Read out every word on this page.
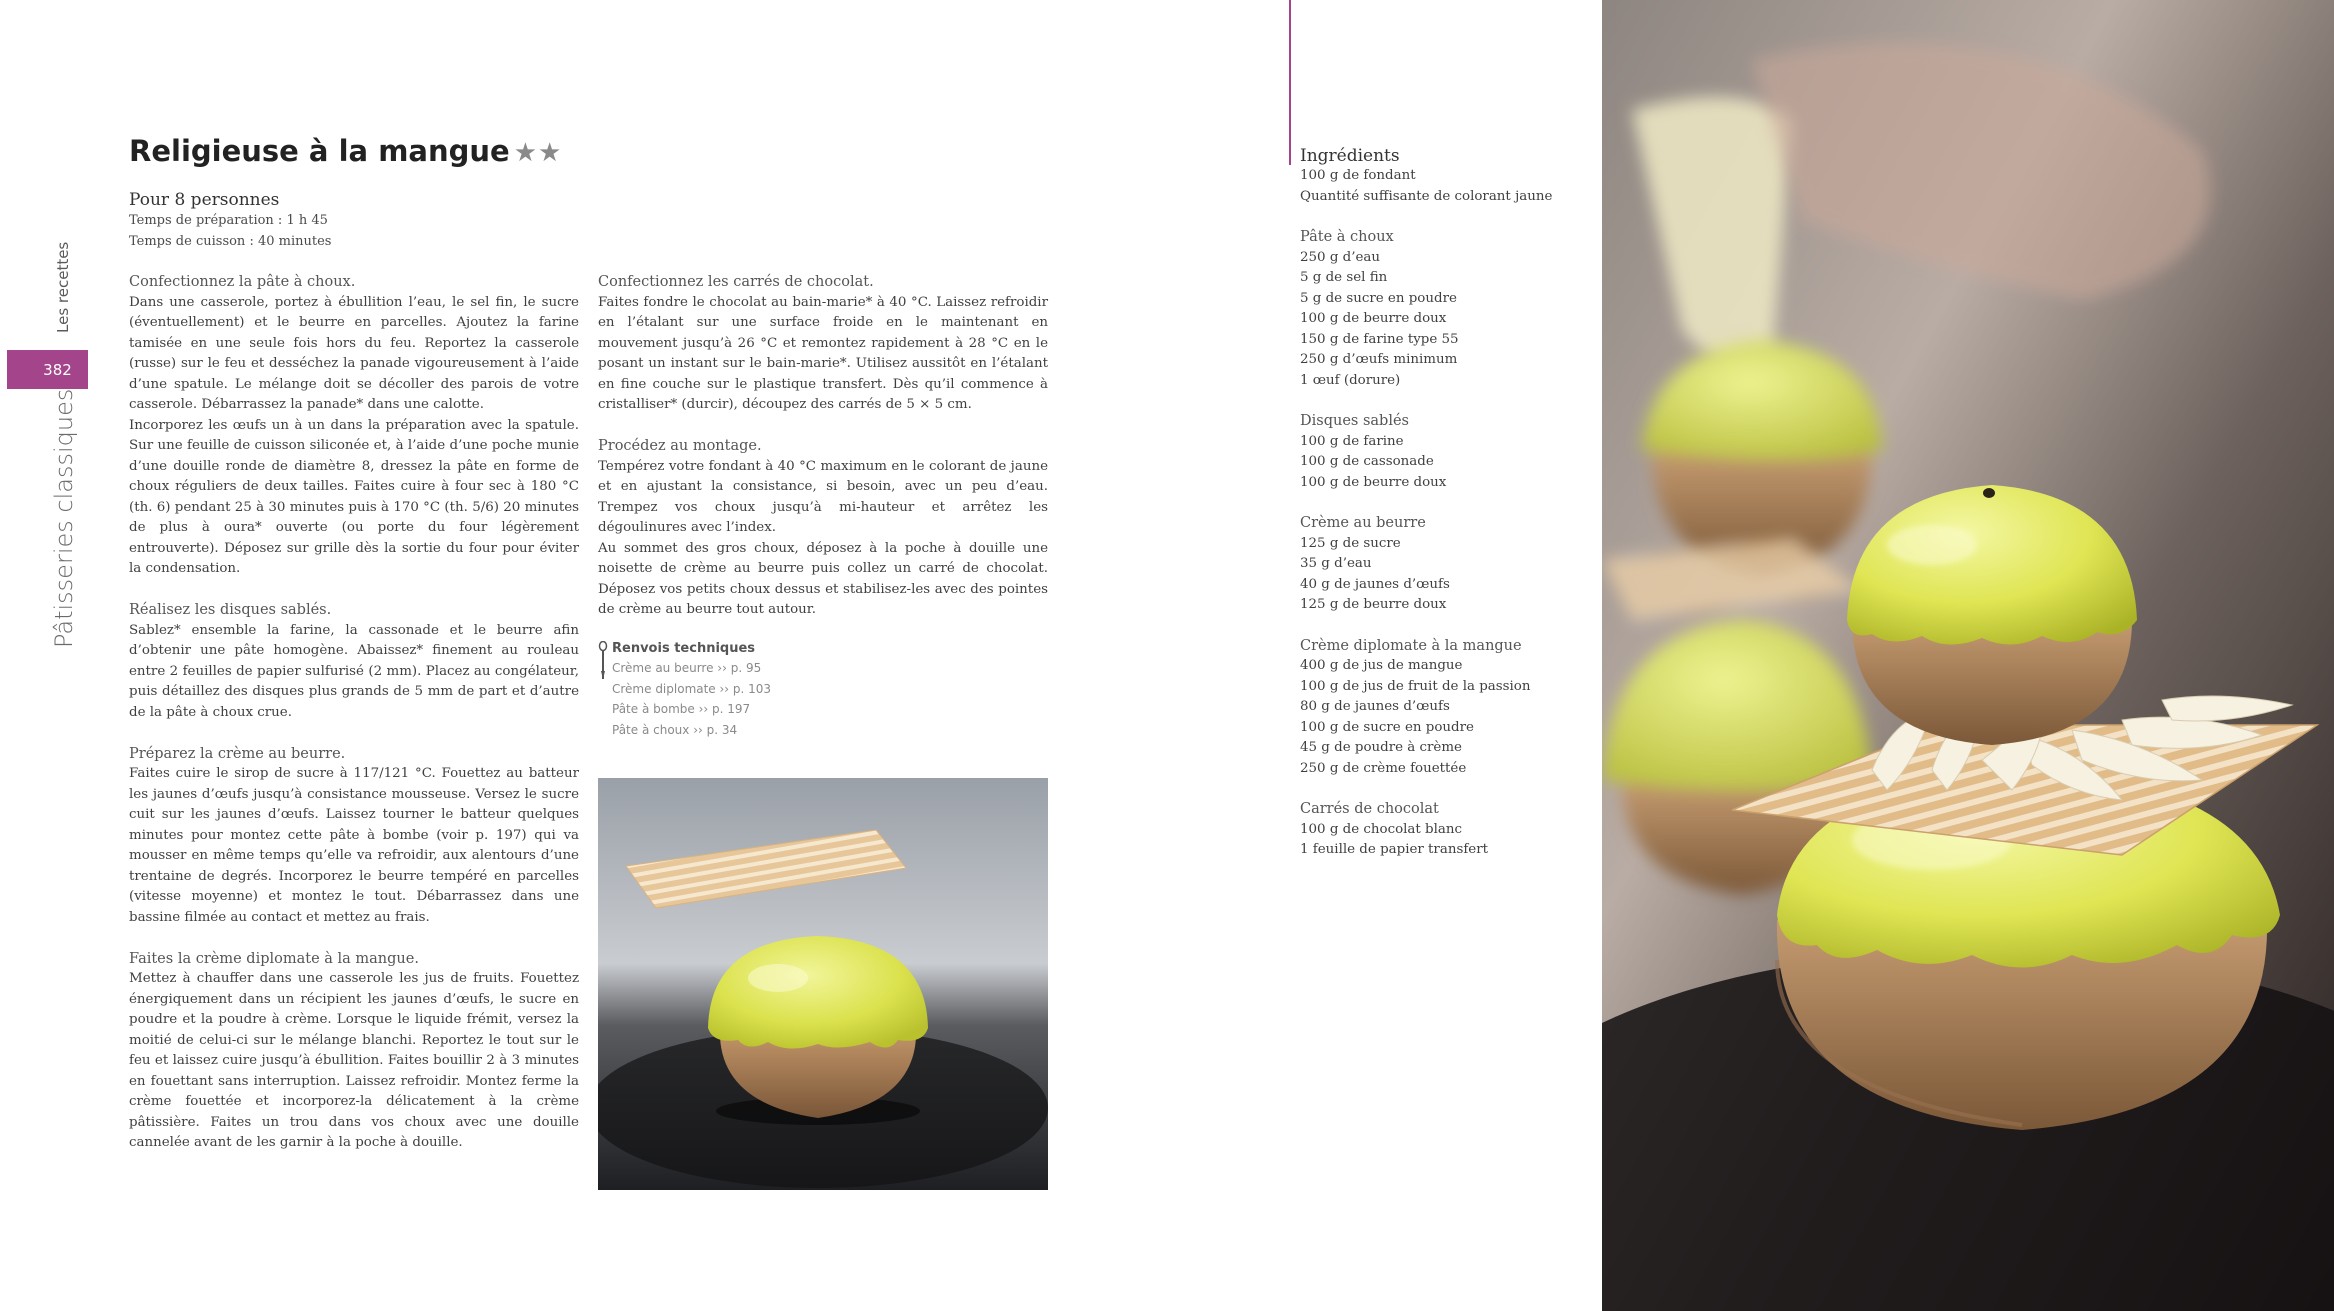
Les recettes
382
Pâtisseries classiques
Religieuse à la mangue ★★
Pour 8 personnes
Temps de préparation : 1 h 45
Temps de cuisson : 40 minutes
Confectionnez la pâte à choux.

Dans une casserole, portez à ébullition l’eau, le sel fin, le sucre (éventuellement) et le beurre en parcelles. Ajoutez la farine tamisée en une seule fois hors du feu. Reportez la casserole (russe) sur le feu et desséchez la panade vigoureusement à l’aide d’une spatule. Le mélange doit se décoller des parois de votre casserole. Débarrassez la panade* dans une calotte.

Incorporez les œufs un à un dans la préparation avec la spatule. Sur une feuille de cuisson siliconée et, à l’aide d’une poche munie d’une douille ronde de diamètre 8, dressez la pâte en forme de choux réguliers de deux tailles. Faites cuire à four sec à 180 °C (th. 6) pendant 25 à 30 minutes puis à 170 °C (th. 5/6) 20 minutes de plus à oura* ouverte (ou porte du four légèrement entrouverte). Déposez sur grille dès la sortie du four pour éviter la condensation.

Réalisez les disques sablés.

Sablez* ensemble la farine, la cassonade et le beurre afin d’obtenir une pâte homogène. Abaissez* finement au rouleau entre 2 feuilles de papier sulfurisé (2 mm). Placez au congélateur, puis détaillez des disques plus grands de 5 mm de part et d’autre de la pâte à choux crue.

Préparez la crème au beurre.

Faites cuire le sirop de sucre à 117/121 °C. Fouettez au batteur les jaunes d’œufs jusqu’à consistance mousseuse. Versez le sucre cuit sur les jaunes d’œufs. Laissez tourner le batteur quelques minutes pour montez cette pâte à bombe (voir p. 197) qui va mousser en même temps qu’elle va refroidir, aux alentours d’une trentaine de degrés. Incorporez le beurre tempéré en parcelles (vitesse moyenne) et montez le tout. Débarrassez dans une bassine filmée au contact et mettez au frais.

Faites la crème diplomate à la mangue.

Mettez à chauffer dans une casserole les jus de fruits. Fouettez énergiquement dans un récipient les jaunes d’œufs, le sucre en poudre et la poudre à crème. Lorsque le liquide frémit, versez la moitié de celui-ci sur le mélange blanchi. Reportez le tout sur le feu et laissez cuire jusqu’à ébullition. Faites bouillir 2 à 3 minutes en fouettant sans interruption. Laissez refroidir. Montez ferme la crème fouettée et incorporez-la délicatement à la crème pâtissière. Faites un trou dans vos choux avec une douille cannelée avant de les garnir à la poche à douille.

Confectionnez les carrés de chocolat.

Faites fondre le chocolat au bain-marie* à 40 °C. Laissez refroidir en l’étalant sur une surface froide en le maintenant en mouvement jusqu’à 26 °C et remontez rapidement à 28 °C en le posant un instant sur le bain-marie*. Utilisez aussitôt en l’étalant en fine couche sur le plastique transfert. Dès qu’il commence à cristalliser* (durcir), découpez des carrés de 5 × 5 cm.

Procédez au montage.

Tempérez votre fondant à 40 °C maximum en le colorant de jaune et en ajustant la consistance, si besoin, avec un peu d’eau. Trempez vos choux jusqu’à mi-hauteur et arrêtez les dégoulinures avec l’index.

Au sommet des gros choux, déposez à la poche à douille une noisette de crème au beurre puis collez un carré de chocolat. Déposez vos petits choux dessus et stabilisez-les avec des pointes de crème au beurre tout autour.

Renvois techniques
Crème au beurre ›› p. 95
Crème diplomate ›› p. 103
Pâte à bombe ›› p. 197
Pâte à choux ›› p. 34
Ingrédients
100 g de fondant
Quantité suffisante de colorant jaune
Pâte à choux
250 g d’eau
5 g de sel fin
5 g de sucre en poudre
100 g de beurre doux
150 g de farine type 55
250 g d’œufs minimum
1 œuf (dorure)
Disques sablés
100 g de farine
100 g de cassonade
100 g de beurre doux
Crème au beurre
125 g de sucre
35 g d’eau
40 g de jaunes d’œufs
125 g de beurre doux
Crème diplomate à la mangue
400 g de jus de mangue
100 g de jus de fruit de la passion
80 g de jaunes d’œufs
100 g de sucre en poudre
45 g de poudre à crème
250 g de crème fouettée
Carrés de chocolat
100 g de chocolat blanc
1 feuille de papier transfert
